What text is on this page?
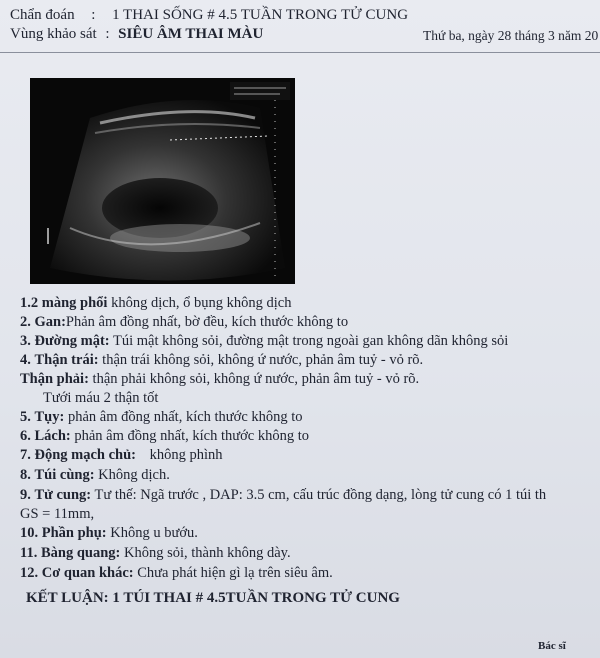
Chẩn đoán : 1 THAI SỐNG # 4.5 TUẦN TRONG TỬ CUNG
Vùng khảo sát : SIÊU ÂM THAI MÀU	Thứ ba, ngày 28 tháng 3 năm 20
1.2 màng phổi không dịch, ổ bụng không dịch
2. Gan:Phản âm đồng nhất, bờ đều, kích thước không to
3. Đường mật: Túi mật không sỏi, đường mật trong ngoài gan không dãn không sỏi
4. Thận trái: thận trái không sỏi, không ứ nước, phản âm tuỷ - vỏ rõ.
Thận phải: thận phải không sỏi, không ứ nước, phản âm tuỷ - vỏ rõ.
Tưới máu 2 thận tốt
5. Tụy: phản âm đồng nhất, kích thước không to
6. Lách: phản âm đồng nhất, kích thước không to
7. Động mạch chủ: không phình
8. Túi cùng: Không dịch.
9. Tử cung: Tư thế: Ngã trước , DAP: 3.5 cm, cấu trúc đồng dạng, lòng tử cung có 1 túi th
GS = 11mm,
10. Phần phụ: Không u bướu.
11. Bàng quang: Không sỏi, thành không dày.
12. Cơ quan khác: Chưa phát hiện gì lạ trên siêu âm.
KẾT LUẬN: 1 TÚI THAI # 4.5TUẦN TRONG TỬ CUNG
Bác sĩ
